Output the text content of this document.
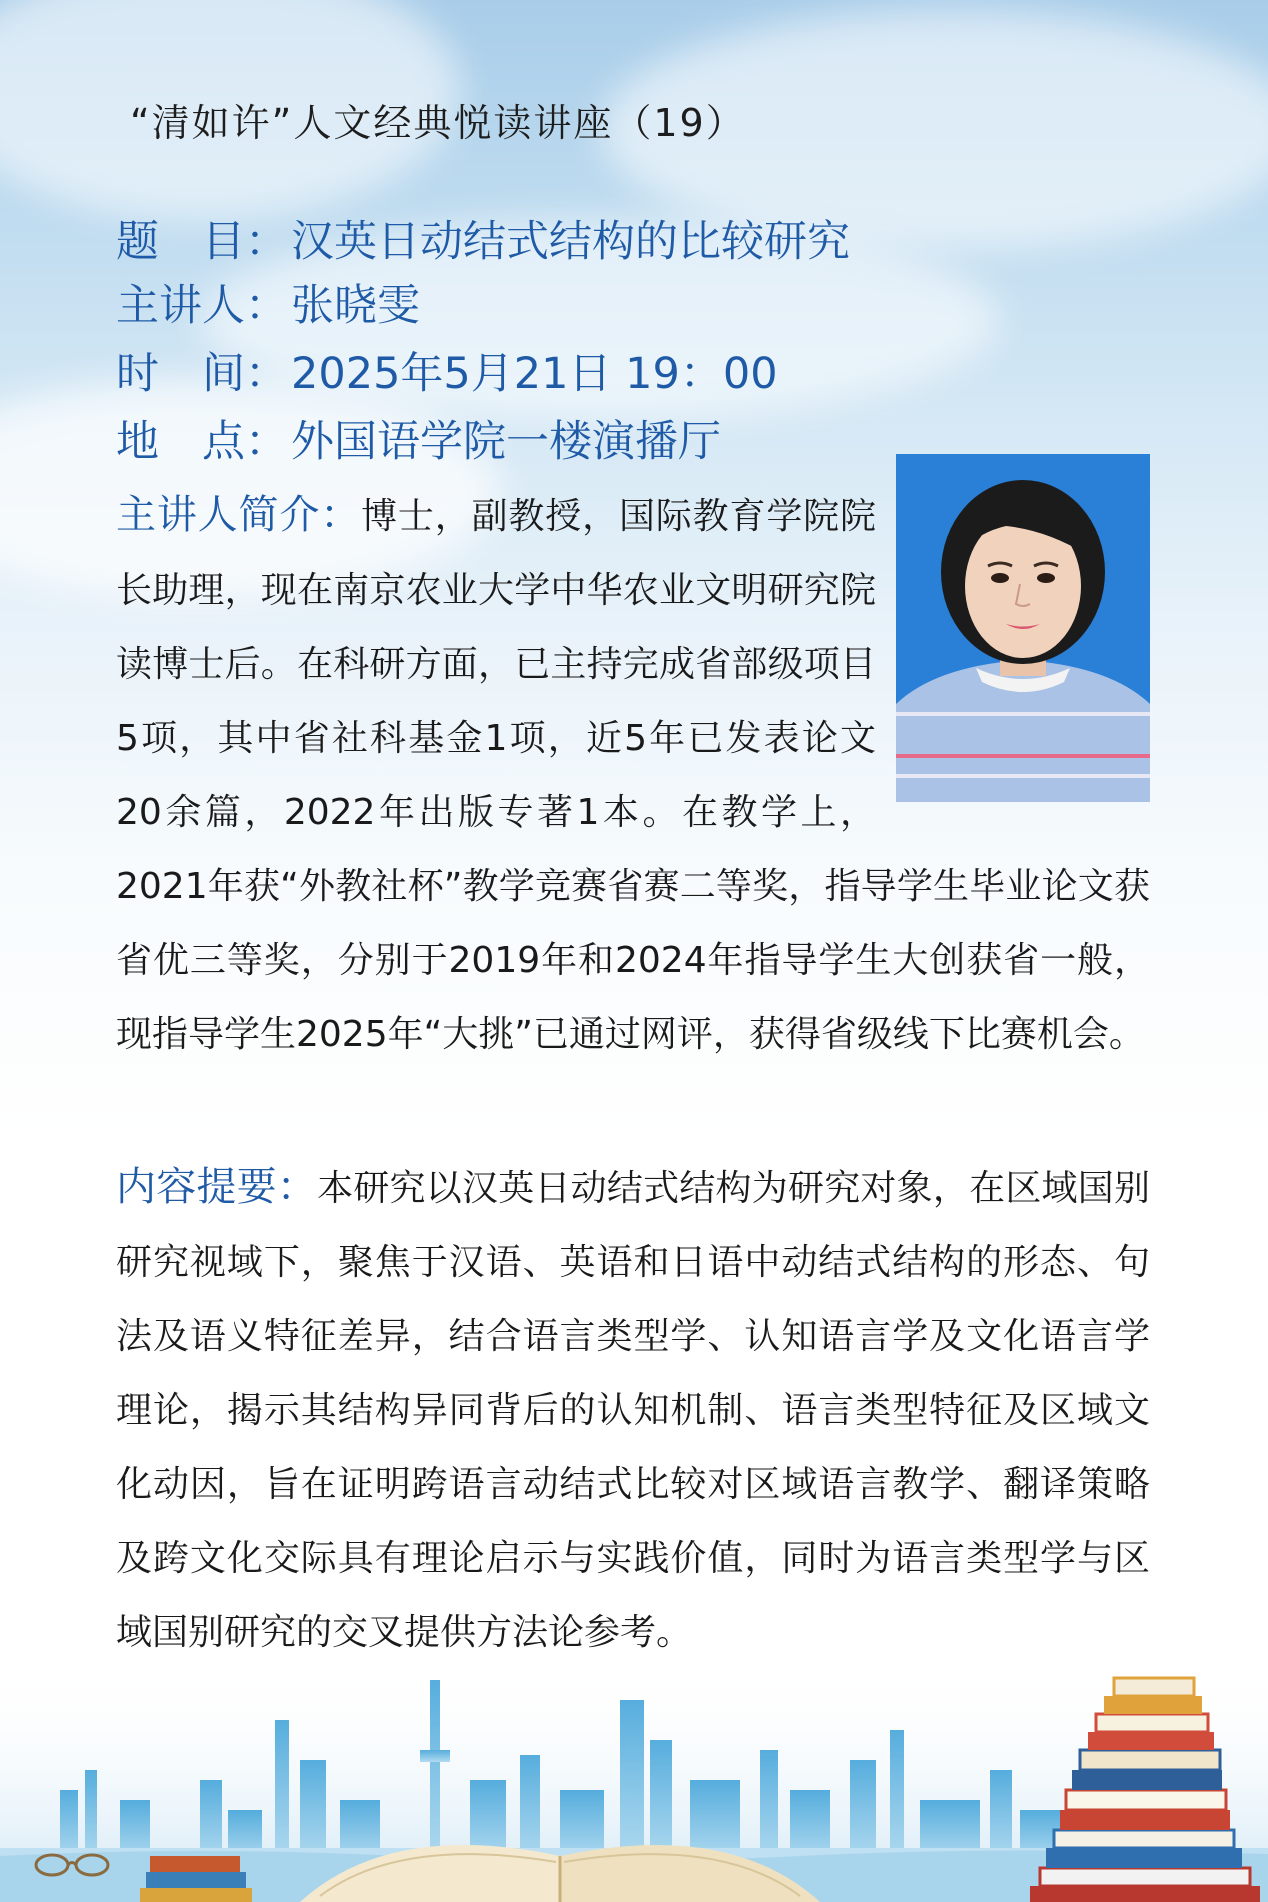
“清如许”人文经典悦读讲座（19）
题　目：汉英日动结式结构的比较研究
主讲人：张晓雯
时　间：2025年5月21日 19：00
地　点：外国语学院一楼演播厅
主讲人简介：博士，副教授，国际教育学院院长助理，现在南京农业大学中华农业文明研究院读博士后。在科研方面，已主持完成省部级项目5项，其中省社科基金1项，近5年已发表论文20余篇，2022年出版专著1本。在教学上，2021年获“外教社杯”教学竞赛省赛二等奖，指导学生毕业论文获省优三等奖，分别于2019年和2024年指导学生大创获省一般，现指导学生2025年“大挑”已通过网评，获得省级线下比赛机会。
内容提要：本研究以汉英日动结式结构为研究对象，在区域国别研究视域下，聚焦于汉语、英语和日语中动结式结构的形态、句法及语义特征差异，结合语言类型学、认知语言学及文化语言学理论，揭示其结构异同背后的认知机制、语言类型特征及区域文化动因，旨在证明跨语言动结式比较对区域语言教学、翻译策略及跨文化交际具有理论启示与实践价值，同时为语言类型学与区域国别研究的交叉提供方法论参考。
